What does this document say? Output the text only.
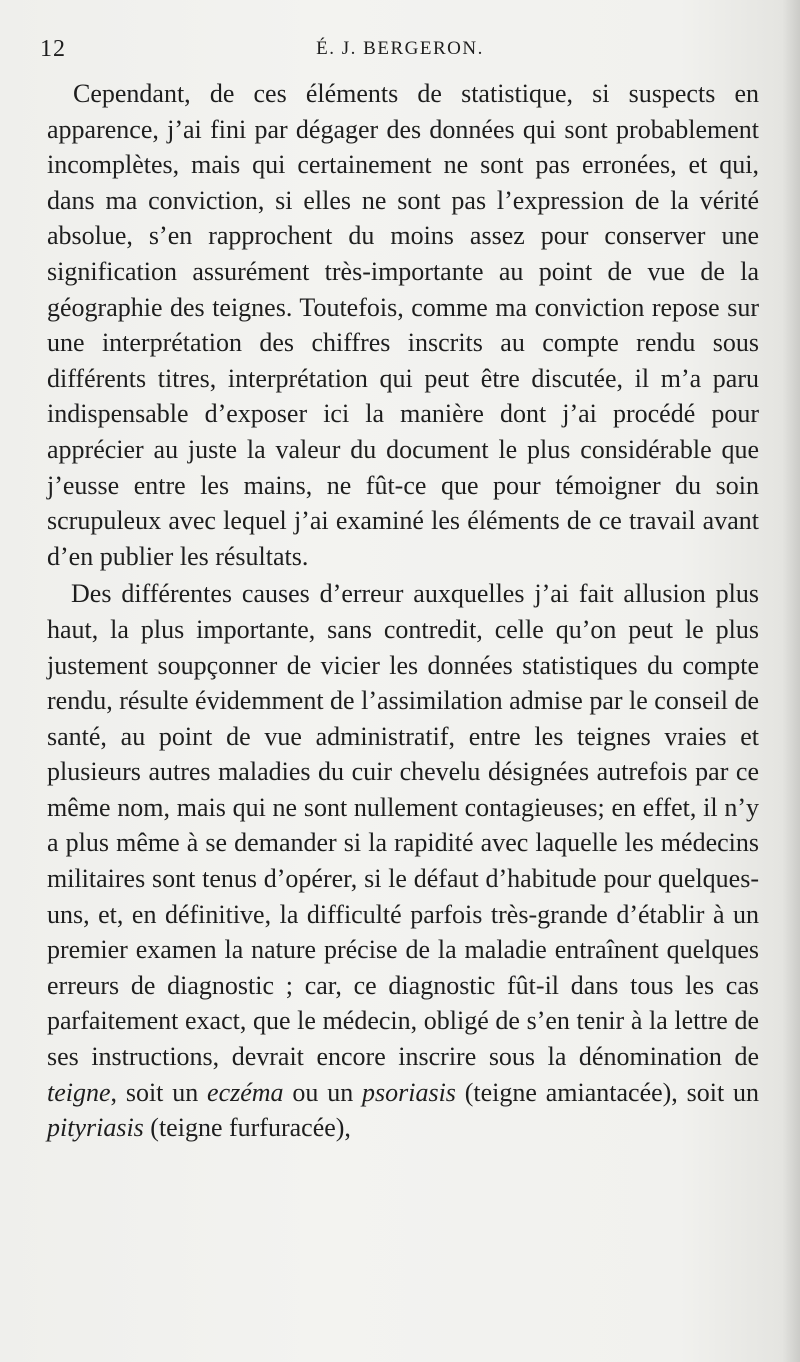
12	É. J. BERGERON.

Cependant, de ces éléments de statistique, si suspects en apparence, j’ai fini par dégager des données qui sont probablement incomplètes, mais qui certainement ne sont pas erronées, et qui, dans ma conviction, si elles ne sont pas l’expression de la vérité absolue, s’en rapprochent du moins assez pour conserver une signification assurément très-importante au point de vue de la géographie des teignes. Toutefois, comme ma conviction repose sur une interprétation des chiffres inscrits au compte rendu sous différents titres, interprétation qui peut être discutée, il m’a paru indispensable d’exposer ici la manière dont j’ai procédé pour apprécier au juste la valeur du document le plus considérable que j’eusse entre les mains, ne fût-ce que pour témoigner du soin scrupuleux avec lequel j’ai examiné les éléments de ce travail avant d’en publier les résultats.

Des différentes causes d’erreur auxquelles j’ai fait allusion plus haut, la plus importante, sans contredit, celle qu’on peut le plus justement soupçonner de vicier les données statistiques du compte rendu, résulte évidemment de l’assimilation admise par le conseil de santé, au point de vue administratif, entre les teignes vraies et plusieurs autres maladies du cuir chevelu désignées autrefois par ce même nom, mais qui ne sont nullement contagieuses; en effet, il n’y a plus même à se demander si la rapidité avec laquelle les médecins militaires sont tenus d’opérer, si le défaut d’habitude pour quelques-uns, et, en définitive, la difficulté parfois très-grande d’établir à un premier examen la nature précise de la maladie entraînent quelques erreurs de diagnostic ; car, ce diagnostic fût-il dans tous les cas parfaitement exact, que le médecin, obligé de s’en tenir à la lettre de ses instructions, devrait encore inscrire sous la dénomination de teigne, soit un eczéma ou un psoriasis (teigne amiantacée), soit un pityriasis (teigne furfuracée),
